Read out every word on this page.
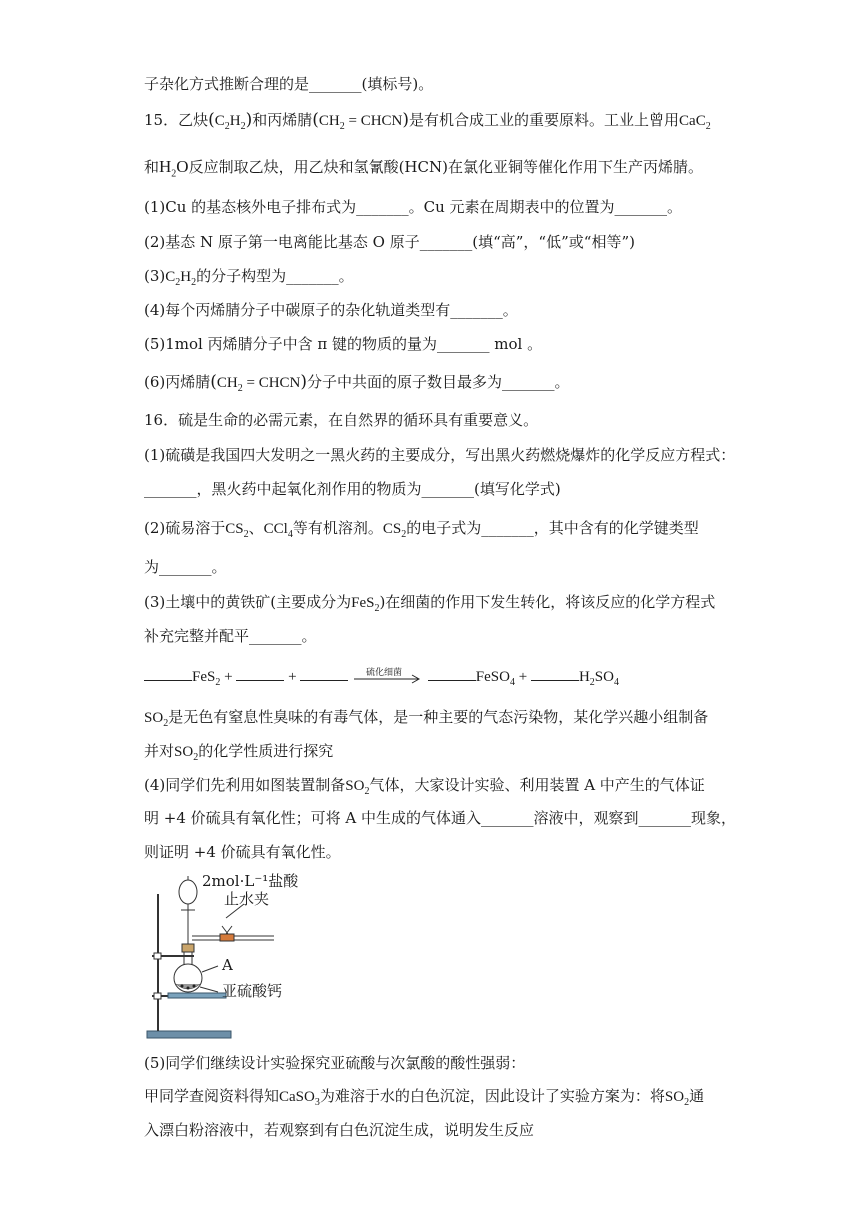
子杂化方式推断合理的是_______(填标号)。
15．乙炔$(C_2H_2)$和丙烯腈($CH_2$ = CHCN)是有机合成工业的重要原料。工业上曾用CaC$_2$
和$H_2O$反应制取乙炔，用乙炔和氢氰酸(HCN)在氯化亚铜等催化作用下生产丙烯腈。
(1)Cu 的基态核外电子排布式为_______。Cu 元素在周期表中的位置为_______。
(2)基态 N 原子第一电离能比基态 O 原子_______(填“高”，“低”或“相等”)
$(3)C_2H_2$的分子构型为_______。
(4)每个丙烯腈分子中碳原子的杂化轨道类型有_______。
(5)1mol 丙烯腈分子中含 π 键的物质的量为_______ mol 。
(6)丙烯腈($CH_2$ = CHCN)分子中共面的原子数目最多为_______。
16．硫是生命的必需元素，在自然界的循环具有重要意义。
(1)硫磺是我国四大发明之一黑火药的主要成分，写出黑火药燃烧爆炸的化学反应方程式：
_______，黑火药中起氧化剂作用的物质为_______(填写化学式)
(2)硫易溶于$CS_2$、CCl$_4$等有机溶剂。$CS_2$的电子式为_______，其中含有的化学键类型
为_______。
(3)土壤中的黄铁矿(主要成分为FeS$_2$)在细菌的作用下发生转化，将该反应的化学方程式
补充完整并配平_______。
FeS$_2$ +	+	硫化细菌	FeSO$_4$ +	$H_2SO_4$
$SO_2$是无色有窒息性臭味的有毒气体，是一种主要的气态污染物，某化学兴趣小组制备
并对$SO_2$的化学性质进行探究
(4)同学们先利用如图装置制备$SO_2$气体，大家设计实验、利用装置 A 中产生的气体证
明 +4 价硫具有氧化性；可将 A 中生成的气体通入_______溶液中，观察到_______现象，
则证明 +4 价硫具有氧化性。
2mol·L⁻¹盐酸
止水夹
A
亚硫酸钙
(5)同学们继续设计实验探究亚硫酸与次氯酸的酸性强弱：
甲同学查阅资料得知CaSO$_3$为难溶于水的白色沉淀，因此设计了实验方案为：将$SO_2$通
入漂白粉溶液中，若观察到有白色沉淀生成，说明发生反应
